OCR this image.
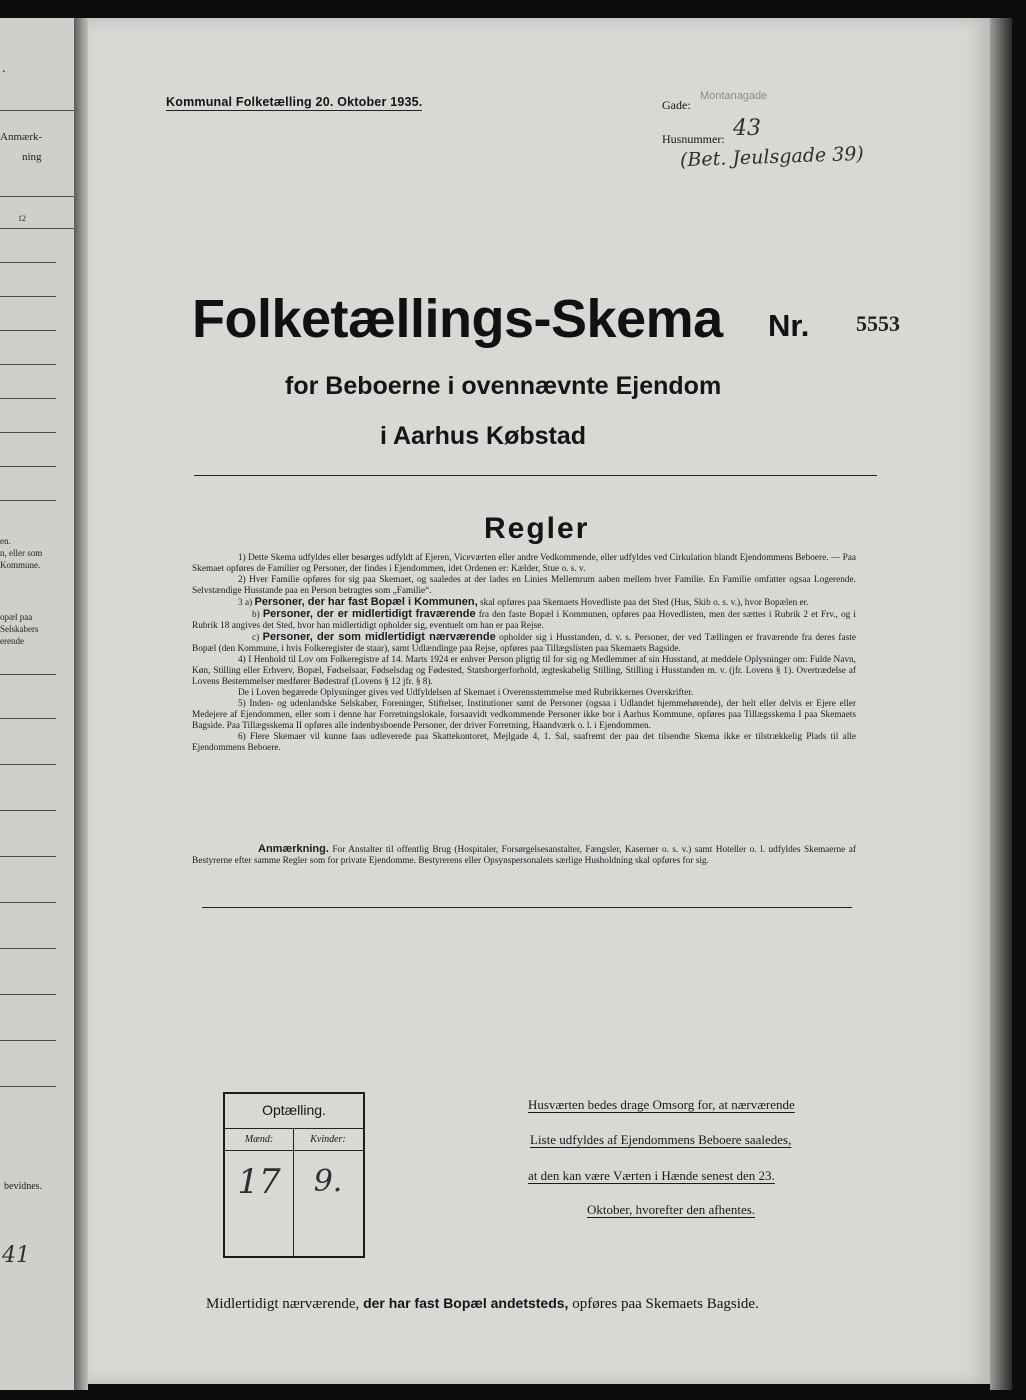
.
Anmærk-
ning
12
en.
n, eller som
Kommune.
opæl paa
Selskabers
erende
bevidnes.
41
Kommunal Folketælling 20. Oktober 1935.	Gade:
Montanagade
Husnummer: 43
(Bet. Jeulsgade 39)
Folketællings-Skema Nr. 5553
for Beboerne i ovennævnte Ejendom
i Aarhus Købstad
Regler

1) Dette Skema udfyldes eller besørges udfyldt af Ejeren, Viceværten eller andre Vedkommende, eller udfyldes ved Cirkulation blandt Ejendommens Beboere. — Paa Skemaet opføres de Familier og Personer, der findes i Ejendommen, idet Ordenen er: Kælder, Stue o. s. v.

2) Hver Familie opføres for sig paa Skemaet, og saaledes at der lades en Linies Mellemrum aaben mellem hver Familie. En Familie omfatter ogsaa Logerende. Selvstændige Husstande paa en Person betragtes som „Familie“.

3 a) Personer, der har fast Bopæl i Kommunen, skal opføres paa Skemaets Hovedliste paa det Sted (Hus, Skib o. s. v.), hvor Bopælen er.

b) Personer, der er midlertidigt fraværende fra den faste Bopæl i Kommunen, opføres paa Hovedlisten, men der sættes i Rubrik 2 et Frv., og i Rubrik 18 angives det Sted, hvor han midlertidigt opholder sig, eventuelt om han er paa Rejse.

c) Personer, der som midlertidigt nærværende opholder sig i Husstanden, d. v. s. Personer, der ved Tællingen er fraværende fra deres faste Bopæl (den Kommune, i hvis Folkeregister de staar), samt Udlændinge paa Rejse, opføres paa Tillægslisten paa Skemaets Bagside.

4) I Henhold til Lov om Folkeregistre af 14. Marts 1924 er enhver Person pligtig til for sig og Medlemmer af sin Husstand, at meddele Oplysninger om: Fulde Navn, Køn, Stilling eller Erhverv, Bopæl, Fødselsaar, Fødselsdag og Fødested, Statsborgerforhold, ægteskabelig Stilling, Stilling i Husstanden m. v. (jfr. Lovens § 1). Overtrædelse af Lovens Bestemmelser medfører Bødestraf (Lovens § 12 jfr. § 8).

De i Loven begærede Oplysninger gives ved Udfyldelsen af Skemaet i Overensstemmelse med Rubrikkernes Overskrifter.

5) Inden- og udenlandske Selskaber, Foreninger, Stiftelser, Institutioner samt de Personer (ogsaa i Udlandet hjemmehørende), der helt eller delvis er Ejere eller Medejere af Ejendommen, eller som i denne har Forretningslokale, forsaavidt vedkommende Personer ikke bor i Aarhus Kommune, opføres paa Tillægsskema I paa Skemaets Bagside. Paa Tillægsskema II opføres alle indenbysboende Personer, der driver Forretning, Haandværk o. l. i Ejendommen.

6) Flere Skemaer vil kunne faas udleverede paa Skattekontoret, Mejlgade 4, 1. Sal, saafremt der paa det tilsendte Skema ikke er tilstrækkelig Plads til alle Ejendommens Beboere.

Anmærkning. For Anstalter til offentlig Brug (Hospitaler, Forsørgelsesanstalter, Fængsler, Kaserner o. s. v.) samt Hoteller o. l. udfyldes Skemaerne af Bestyrerne efter samme Regler som for private Ejendomme. Bestyrerens eller Opsynspersonalets særlige Husholdning skal opføres for sig.

Optælling.
Mænd:	Kvinder:
17	9.
Husværten bedes drage Omsorg for, at nærværende
Liste udfyldes af Ejendommens Beboere saaledes,
at den kan være Værten i Hænde senest den 23.
Oktober, hvorefter den afhentes.
Midlertidigt nærværende, der har fast Bopæl andetsteds, opføres paa Skemaets Bagside.
